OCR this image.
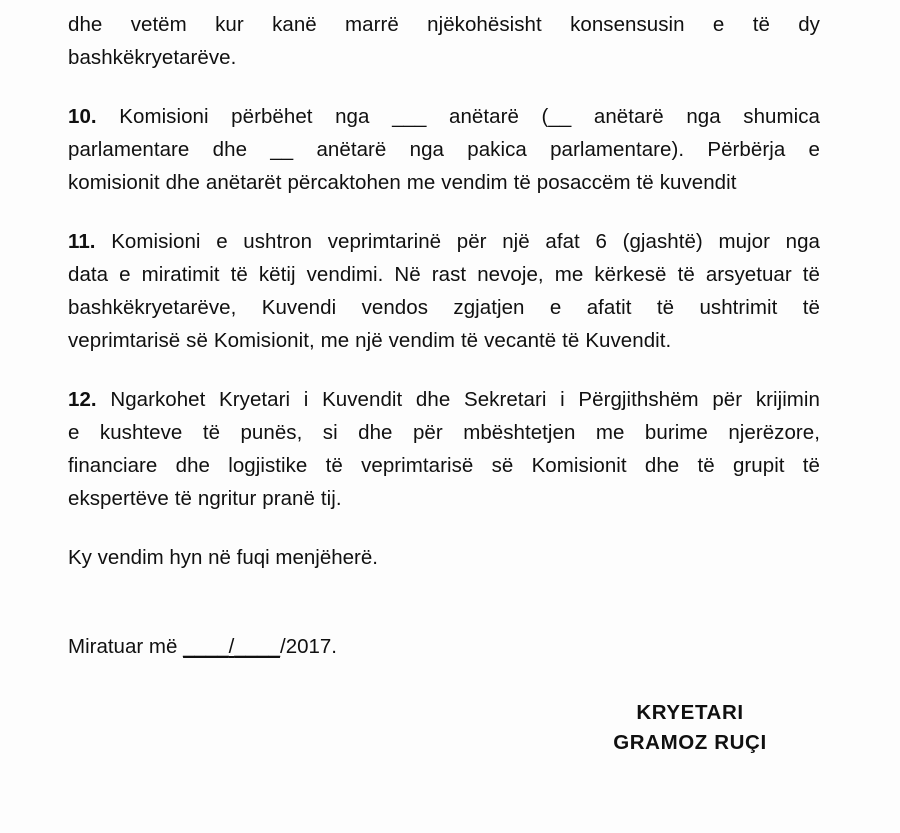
dhe vetëm kur kanë marrë njëkohësisht konsensusin e të dy
bashkëkryetarëve.

10. Komisioni përbëhet nga ___ anëtarë (__ anëtarë nga shumica
parlamentare dhe __ anëtarë nga pakica parlamentare). Përbërja e
komisionit dhe anëtarët përcaktohen me vendim të posaccëm të kuvendit

11. Komisioni e ushtron veprimtarinë për një afat 6 (gjashtë) mujor nga
data e miratimit të këtij vendimi. Në rast nevoje, me kërkesë të arsyetuar të
bashkëkryetarëve, Kuvendi vendos zgjatjen e afatit të ushtrimit të
veprimtarisë së Komisionit, me një vendim të vecantë të Kuvendit.

12. Ngarkohet Kryetari i Kuvendit dhe Sekretari i Përgjithshëm për krijimin
e kushteve të punës, si dhe për mbështetjen me burime njerëzore,
financiare dhe logjistike të veprimtarisë së Komisionit dhe të grupit të
ekspertëve të ngritur pranë tij.

Ky vendim hyn në fuqi menjëherë.

Miratuar më ____/____/2017.

KRYETARI
GRAMOZ RUÇI
